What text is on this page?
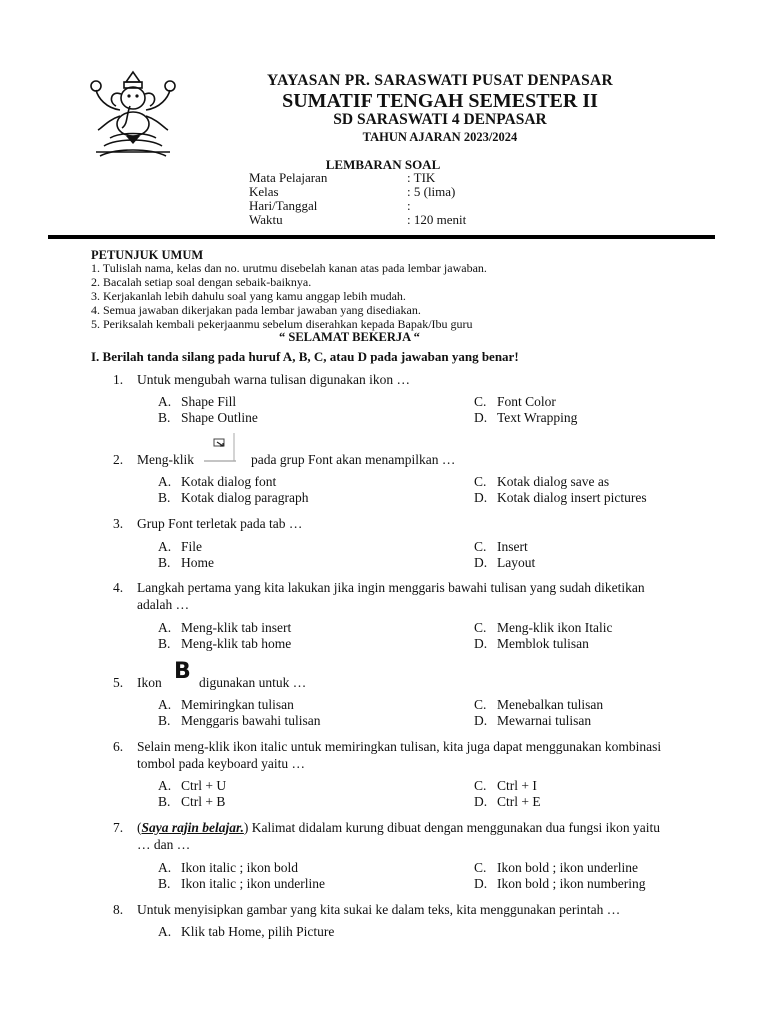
YAYASAN PR. SARASWATI PUSAT DENPASAR
SUMATIF TENGAH SEMESTER II
SD SARASWATI 4 DENPASAR
TAHUN AJARAN 2023/2024
LEMBARAN SOAL
Mata Pelajaran	: TIK
Kelas	: 5 (lima)
Hari/Tanggal	:
Waktu	: 120 menit
PETUNJUK UMUM
1. Tulislah nama, kelas dan no. urutmu disebelah kanan atas pada lembar jawaban.
2. Bacalah setiap soal dengan sebaik-baiknya.
3. Kerjakanlah lebih dahulu soal yang kamu anggap lebih mudah.
4. Semua jawaban dikerjakan pada lembar jawaban yang disediakan.
5. Periksalah kembali pekerjaanmu sebelum diserahkan kepada Bapak/Ibu guru
“ SELAMAT BEKERJA “
I. Berilah tanda silang pada huruf A, B, C, atau D pada jawaban yang benar!
1. Untuk mengubah warna tulisan digunakan ikon …
A. Shape Fill
B. Shape Outline
C. Font Color
D. Text Wrapping
2. Meng-klik	pada grup Font akan menampilkan …
A. Kotak dialog font
B. Kotak dialog paragraph
C. Kotak dialog save as
D. Kotak dialog insert pictures
3. Grup Font terletak pada tab …
A. File
B. Home
C. Insert
D. Layout
4. Langkah pertama yang kita lakukan jika ingin menggaris bawahi tulisan yang sudah diketikan adalah …
A. Meng-klik tab insert
B. Meng-klik tab home
C. Meng-klik ikon Italic
D. Memblok tulisan
5. Ikon	digunakan untuk …
B
A. Memiringkan tulisan
B. Menggaris bawahi tulisan
C. Menebalkan tulisan
D. Mewarnai tulisan
6. Selain meng-klik ikon italic untuk memiringkan tulisan, kita juga dapat menggunakan kombinasi tombol pada keyboard yaitu …
A. Ctrl + U
B. Ctrl + B
C. Ctrl + I
D. Ctrl + E
7. (Saya rajin belajar.) Kalimat didalam kurung dibuat dengan menggunakan dua fungsi ikon yaitu … dan …
A. Ikon italic ; ikon bold
B. Ikon italic ; ikon underline
C. Ikon bold ; ikon underline
D. Ikon bold ; ikon numbering
8. Untuk menyisipkan gambar yang kita sukai ke dalam teks, kita menggunakan perintah …
A. Klik tab Home, pilih Picture
